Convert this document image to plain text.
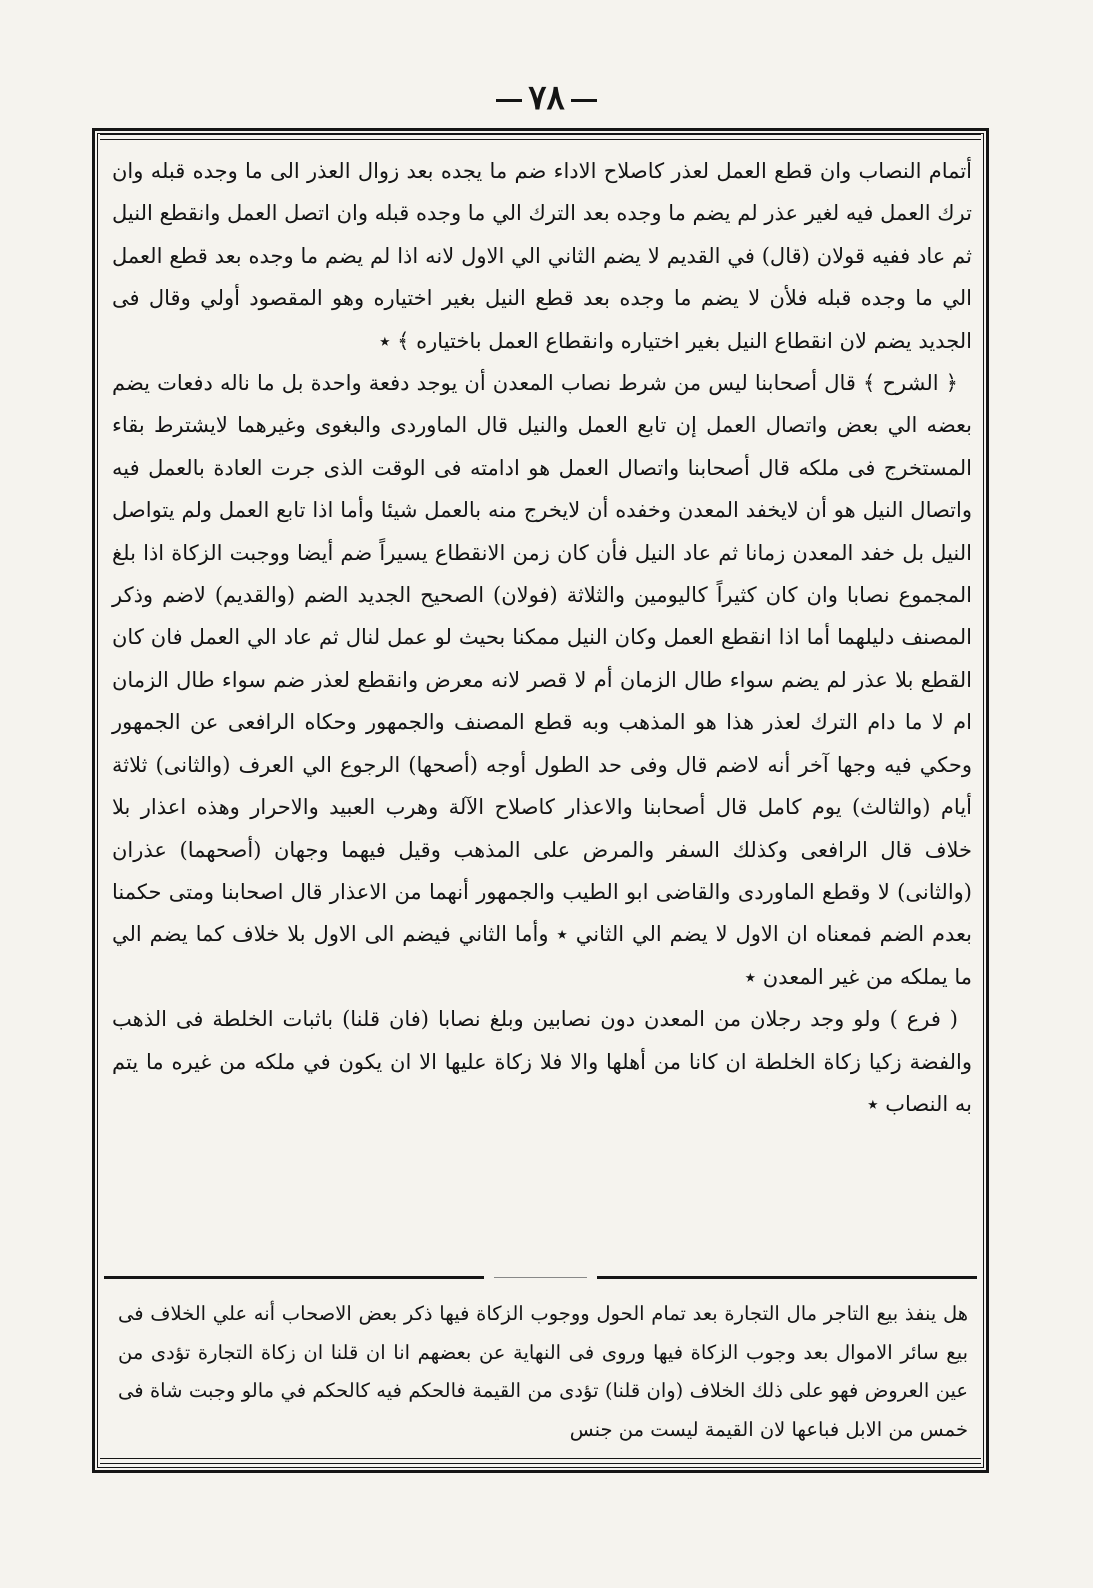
٧٨

أتمام النصاب وان قطع العمل لعذر كاصلاح الاداء ضم ما يجده بعد زوال العذر الى ما وجده قبله وان ترك العمل فيه لغير عذر لم يضم ما وجده بعد الترك الي ما وجده قبله وان اتصل العمل وانقطع النيل ثم عاد ففيه قولان (قال) في القديم لا يضم الثاني الي الاول لانه اذا لم يضم ما وجده بعد قطع العمل الي ما وجده قبله فلأن لا يضم ما وجده بعد قطع النيل بغير اختياره وهو المقصود أولي وقال فى الجديد يضم لان انقطاع النيل بغير اختياره وانقطاع العمل باختياره ﴾ ٭

﴿ الشرح ﴾ قال أصحابنا ليس من شرط نصاب المعدن أن يوجد دفعة واحدة بل ما ناله دفعات يضم بعضه الي بعض واتصال العمل إن تابع العمل والنيل قال الماوردى والبغوى وغيرهما لايشترط بقاء المستخرج فى ملكه قال أصحابنا واتصال العمل هو ادامته فى الوقت الذى جرت العادة بالعمل فيه واتصال النيل هو أن لايخفد المعدن وخفده أن لايخرج منه بالعمل شيئا وأما اذا تابع العمل ولم يتواصل النيل بل خفد المعدن زمانا ثم عاد النيل فأن كان زمن الانقطاع يسيراً ضم أيضا ووجبت الزكاة اذا بلغ المجموع نصابا وان كان كثيراً كاليومين والثلاثة (فولان) الصحيح الجديد الضم (والقديم) لاضم وذكر المصنف دليلهما أما اذا انقطع العمل وكان النيل ممكنا بحيث لو عمل لنال ثم عاد الي العمل فان كان القطع بلا عذر لم يضم سواء طال الزمان أم لا قصر لانه معرض وانقطع لعذر ضم سواء طال الزمان ام لا ما دام الترك لعذر هذا هو المذهب وبه قطع المصنف والجمهور وحكاه الرافعى عن الجمهور وحكي فيه وجها آخر أنه لاضم قال وفى حد الطول أوجه (أصحها) الرجوع الي العرف (والثانى) ثلاثة أيام (والثالث) يوم كامل قال أصحابنا والاعذار كاصلاح الآلة وهرب العبيد والاحرار وهذه اعذار بلا خلاف قال الرافعى وكذلك السفر والمرض على المذهب وقيل فيهما وجهان (أصحهما) عذران (والثانى) لا وقطع الماوردى والقاضى ابو الطيب والجمهور أنهما من الاعذار قال اصحابنا ومتى حكمنا بعدم الضم فمعناه ان الاول لا يضم الي الثاني ٭ وأما الثاني فيضم الى الاول بلا خلاف كما يضم الي ما يملكه من غير المعدن ٭

( فرع ) ولو وجد رجلان من المعدن دون نصابين وبلغ نصابا (فان قلنا) باثبات الخلطة فى الذهب والفضة زكيا زكاة الخلطة ان كانا من أهلها والا فلا زكاة عليها الا ان يكون في ملكه من غيره ما يتم به النصاب ٭

هل ينفذ بيع التاجر مال التجارة بعد تمام الحول ووجوب الزكاة فيها ذكر بعض الاصحاب أنه علي الخلاف فى بيع سائر الاموال بعد وجوب الزكاة فيها وروى فى النهاية عن بعضهم انا ان قلنا ان زكاة التجارة تؤدى من عين العروض فهو على ذلك الخلاف (وان قلنا) تؤدى من القيمة فالحكم فيه كالحكم في مالو وجبت شاة فى خمس من الابل فباعها لان القيمة ليست من جنس
